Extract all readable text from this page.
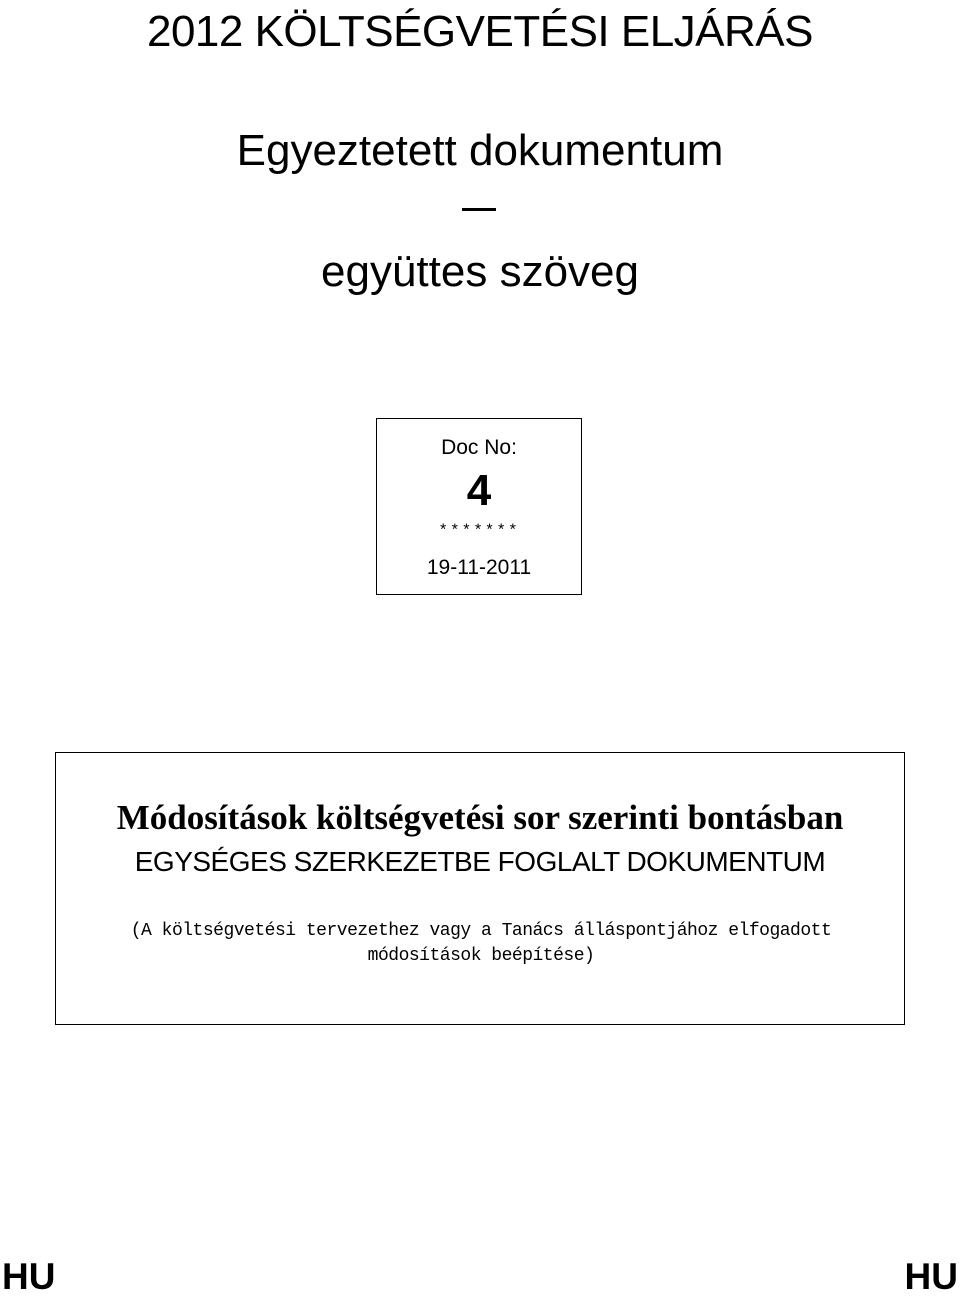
2012 KÖLTSÉGVETÉSI ELJÁRÁS
Egyeztetett dokumentum
együttes szöveg
Doc No:
4
*******
19-11-2011
Módosítások költségvetési sor szerinti bontásban
EGYSÉGES SZERKEZETBE FOGLALT DOKUMENTUM
(A költségvetési tervezethez vagy a Tanács álláspontjához elfogadott módosítások beépítése)
HU	HU
